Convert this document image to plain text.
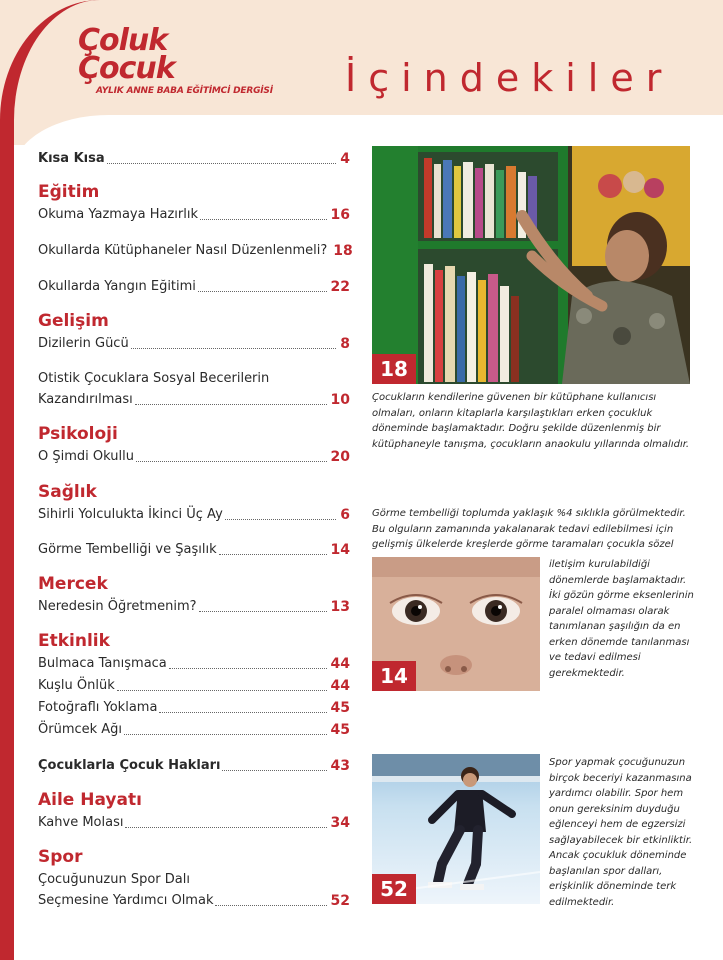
Çoluk
Çocuk
AYLIK ANNE BABA EĞİTİMCİ DERGİSİ İçindekiler
Kısa Kısa	4
Eğitim
Okuma Yazmaya Hazırlık	16
Okullarda Kütüphaneler Nasıl Düzenlenmeli? 18
Okullarda Yangın Eğitimi	22
Gelişim
Dizilerin Gücü	8
Otistik Çocuklara Sosyal Becerilerin
Kazandırılması	10
Psikoloji
O Şimdi Okullu	20
Sağlık
Sihirli Yolculukta İkinci Üç Ay	6
Görme Tembelliği ve Şaşılık	14
Mercek
Neredesin Öğretmenim?	13
Etkinlik
Bulmaca Tanışmaca	44
Kuşlu Önlük	44
Fotoğraflı Yoklama	45
Örümcek Ağı	45
Çocuklarla Çocuk Hakları	43
Aile Hayatı
Kahve Molası	34
Spor
Çocuğunuzun Spor Dalı
Seçmesine Yardımcı Olmak	52
18

Çocukların kendilerine güvenen bir kütüphane kullanıcısı olmaları, onların kitaplarla karşılaştıkları erken çocukluk döneminde başlamaktadır. Doğru şekilde düzenlenmiş bir kütüphaneyle tanışma, çocukların anaokulu yıllarında olmalıdır.

Görme tembelliği toplumda yaklaşık %4 sıklıkla görülmektedir. Bu olguların zamanında yakalanarak tedavi edilebilmesi için gelişmiş ülkelerde kreşlerde görme taramaları çocukla sözel

14

iletişim kurulabildiği dönemlerde başlamaktadır. İki gözün görme eksenlerinin paralel olmaması olarak tanımlanan şaşılığın da en erken dönemde tanılanması ve tedavi edilmesi gerekmektedir.

52

Spor yapmak çocuğunuzun birçok beceriyi kazanmasına yardımcı olabilir. Spor hem onun gereksinim duyduğu eğlenceyi hem de egzersizi sağlayabilecek bir etkinliktir. Ancak çocukluk döneminde başlanılan spor dalları, erişkinlik döneminde terk edilmektedir.
